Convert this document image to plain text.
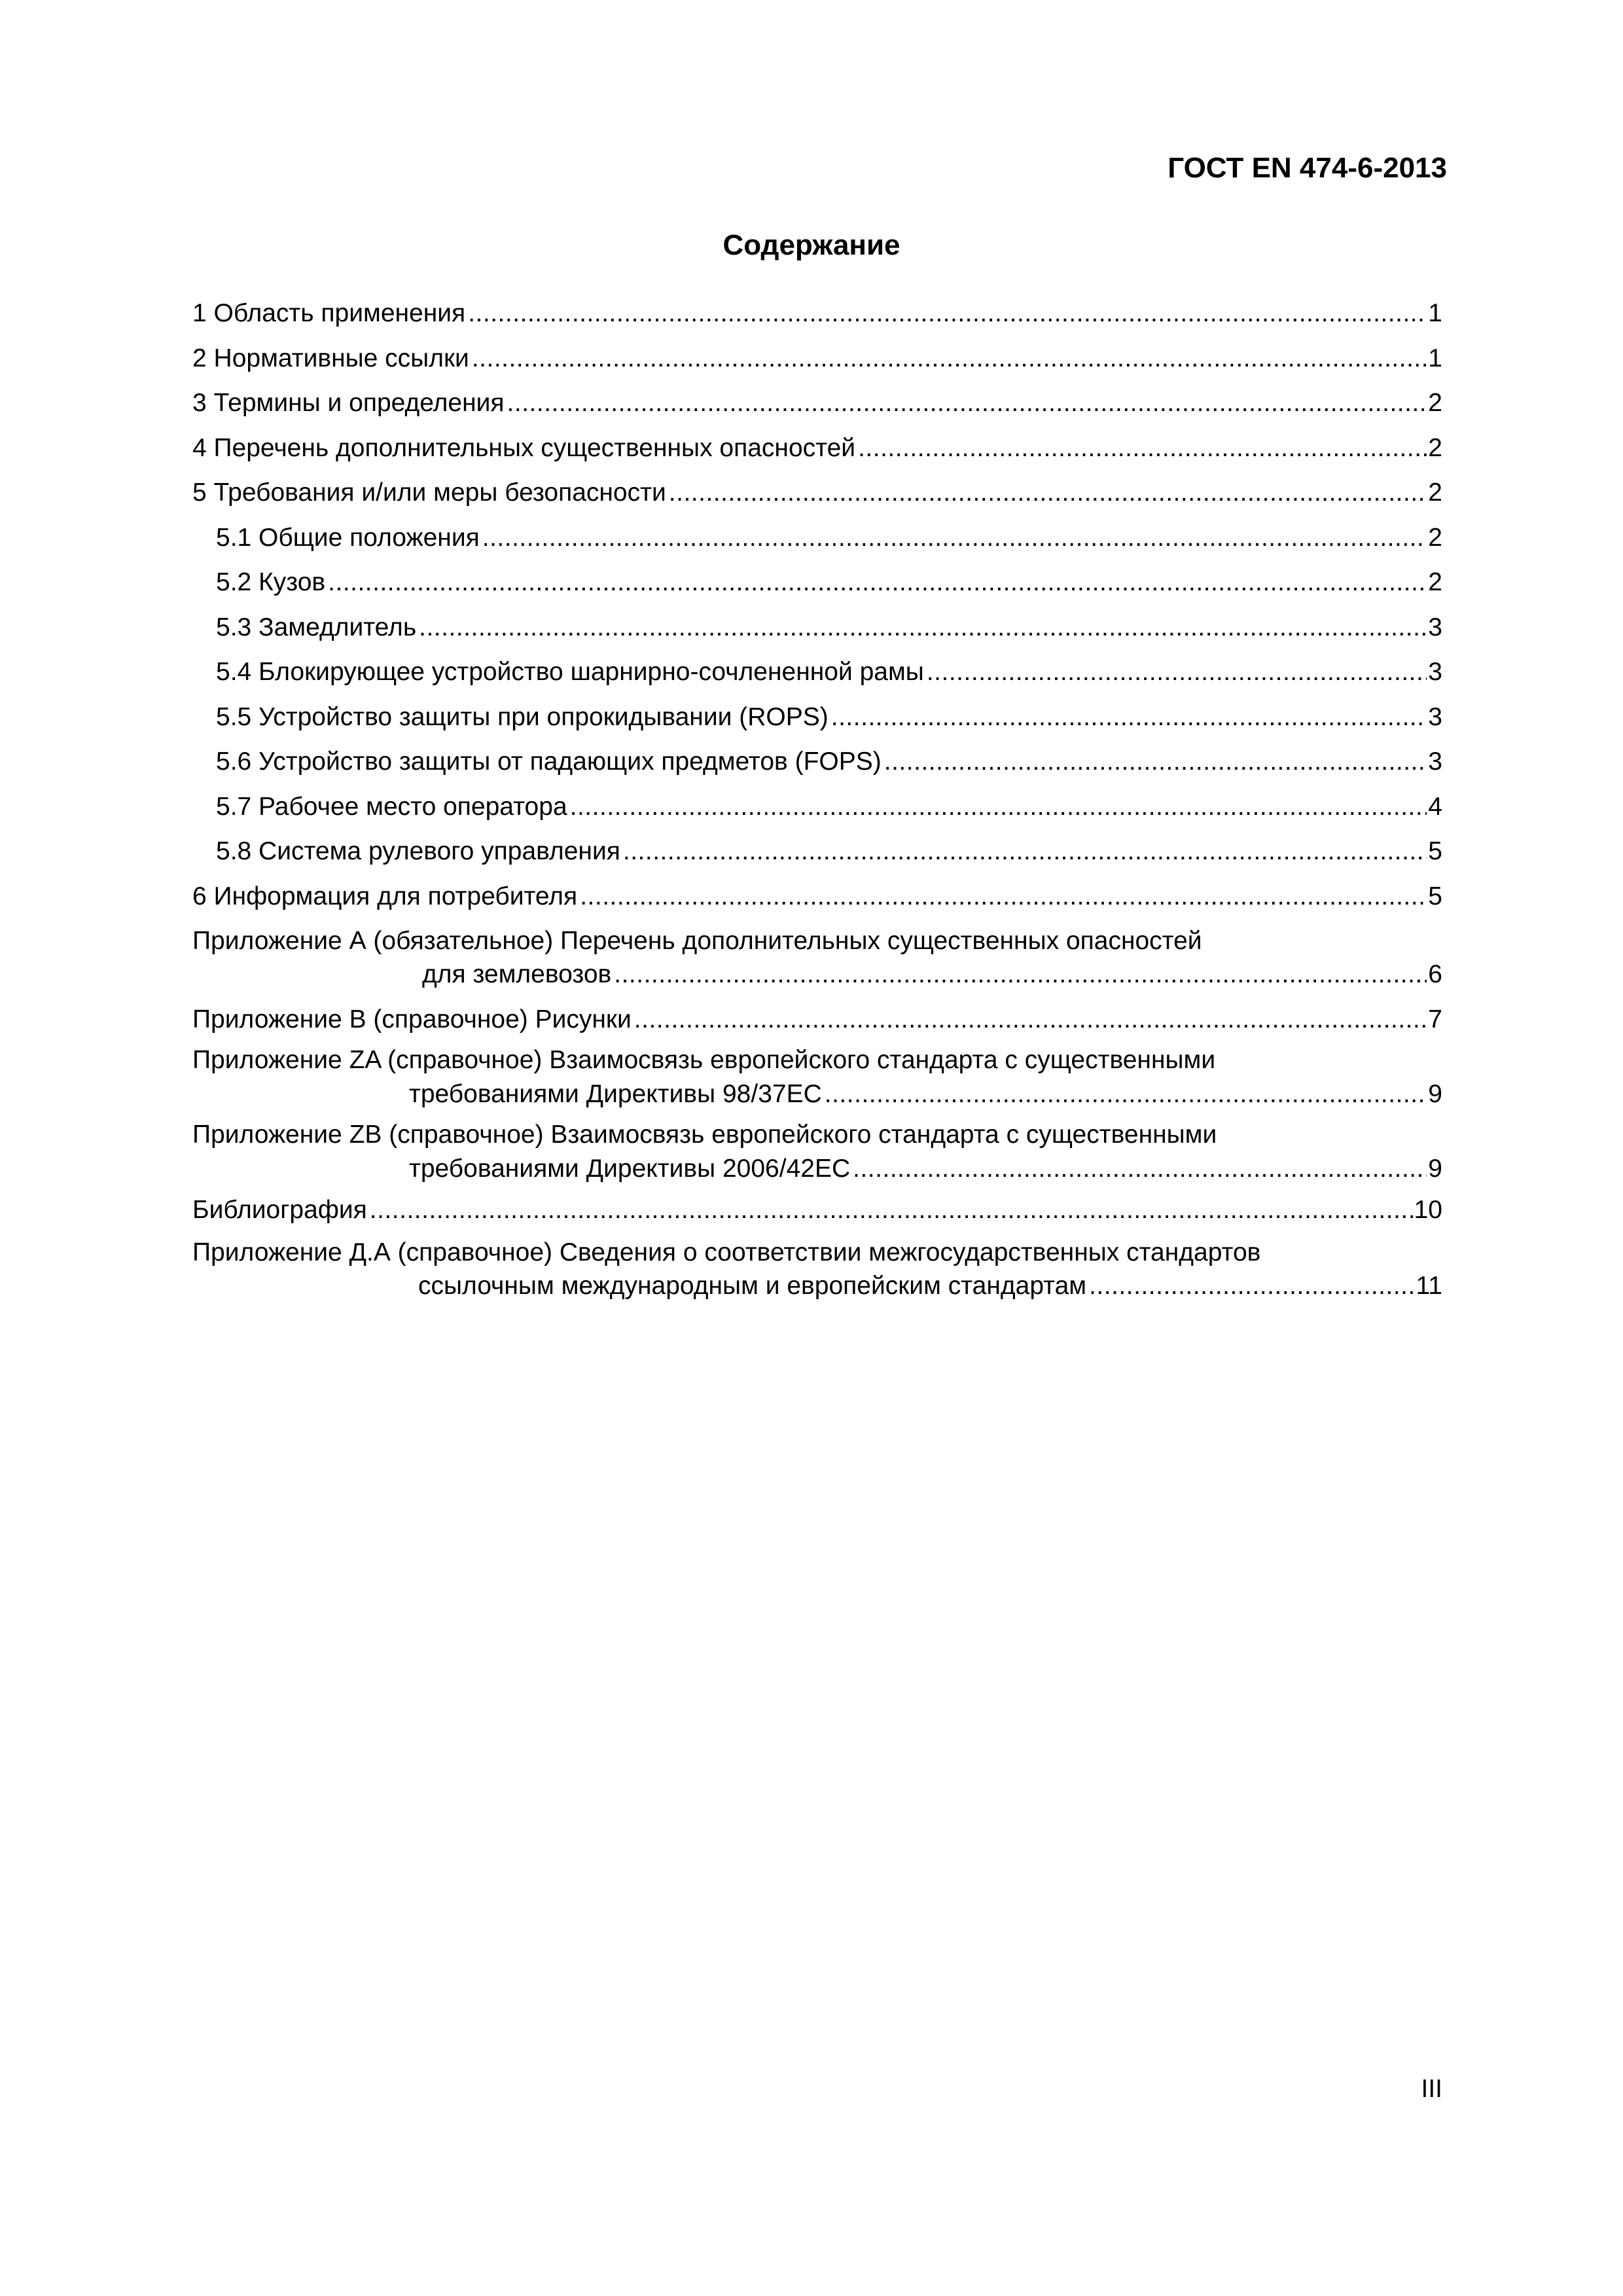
ГОСТ EN 474-6-2013
Содержание
1 Область применения .....	1
2 Нормативные ссылки .....	1
3 Термины и определения .....	2
4 Перечень дополнительных существенных опасностей .....	2
5 Требования и/или меры безопасности .....	2
5.1 Общие положения .....	2
5.2 Кузов .....	2
5.3 Замедлитель .....	3
5.4 Блокирующее устройство шарнирно-сочлененной рамы .....	3
5.5 Устройство защиты при опрокидывании (ROPS) .....	3
5.6 Устройство защиты от падающих предметов (FOPS) .....	3
5.7 Рабочее место оператора .....	4
5.8 Система рулевого управления .....	5
6 Информация для потребителя .....	5
Приложение А (обязательное) Перечень дополнительных существенных опасностей
для землевозов .....	6
Приложение В (справочное) Рисунки .....	7
Приложение ZA (справочное) Взаимосвязь европейского стандарта с существенными
требованиями Директивы 98/37ЕС .....	9
Приложение ZB (справочное) Взаимосвязь европейского стандарта с существенными
требованиями Директивы 2006/42ЕС .....	9
Библиография .....	10
Приложение Д.А (справочное) Сведения о соответствии межгосударственных стандартов
ссылочным международным и европейским стандартам .....	11
III
